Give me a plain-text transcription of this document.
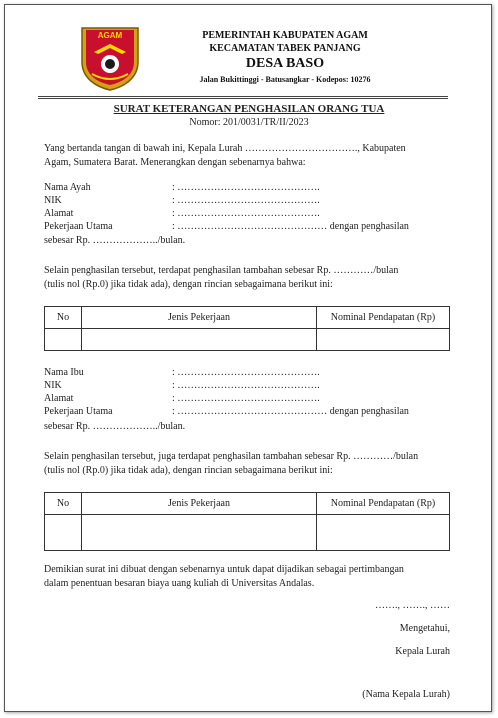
AGAM	PEMERINTAH KABUPATEN AGAM
KECAMATAN TABEK PANJANG
DESA BASO
Jalan Bukittinggi - Batusangkar - Kodepos: 10276
SURAT KETERANGAN PENGHASILAN ORANG TUA
Nomor: 201/0031/TR/II/2023
Yang bertanda tangan di bawah ini, Kepala Lurah ……………………………., Kabupaten
Agam, Sumatera Barat. Menerangkan dengan sebenarnya bahwa:
Nama Ayah	: …………………………………….
NIK	: …………………………………….
Alamat	: …………………………………….
Pekerjaan Utama	: ……………………………………… dengan penghasilan
sebesar Rp. ………………../bulan.
Selain penghasilan tersebut, terdapat penghasilan tambahan sebesar Rp. …………/bulan
(tulis nol (Rp.0) jika tidak ada), dengan rincian sebagaimana berikut ini:
No	Jenis Pekerjaan	Nominal Pendapatan (Rp)

Nama Ibu	: …………………………………….
NIK	: …………………………………….
Alamat	: …………………………………….
Pekerjaan Utama	: ……………………………………… dengan penghasilan
sebesar Rp. ………………../bulan.
Selain penghasilan tersebut, juga terdapat penghasilan tambahan sebesar Rp. …………/bulan
(tulis nol (Rp.0) jika tidak ada), dengan rincian sebagaimana berikut ini:
No	Jenis Pekerjaan	Nominal Pendapatan (Rp)

Demikian surat ini dibuat dengan sebenarnya untuk dapat dijadikan sebagai pertimbangan
dalam penentuan besaran biaya uang kuliah di Universitas Andalas.
……., ……., ……
Mengetahui,
Kepala Lurah
(Nama Kepala Lurah)
